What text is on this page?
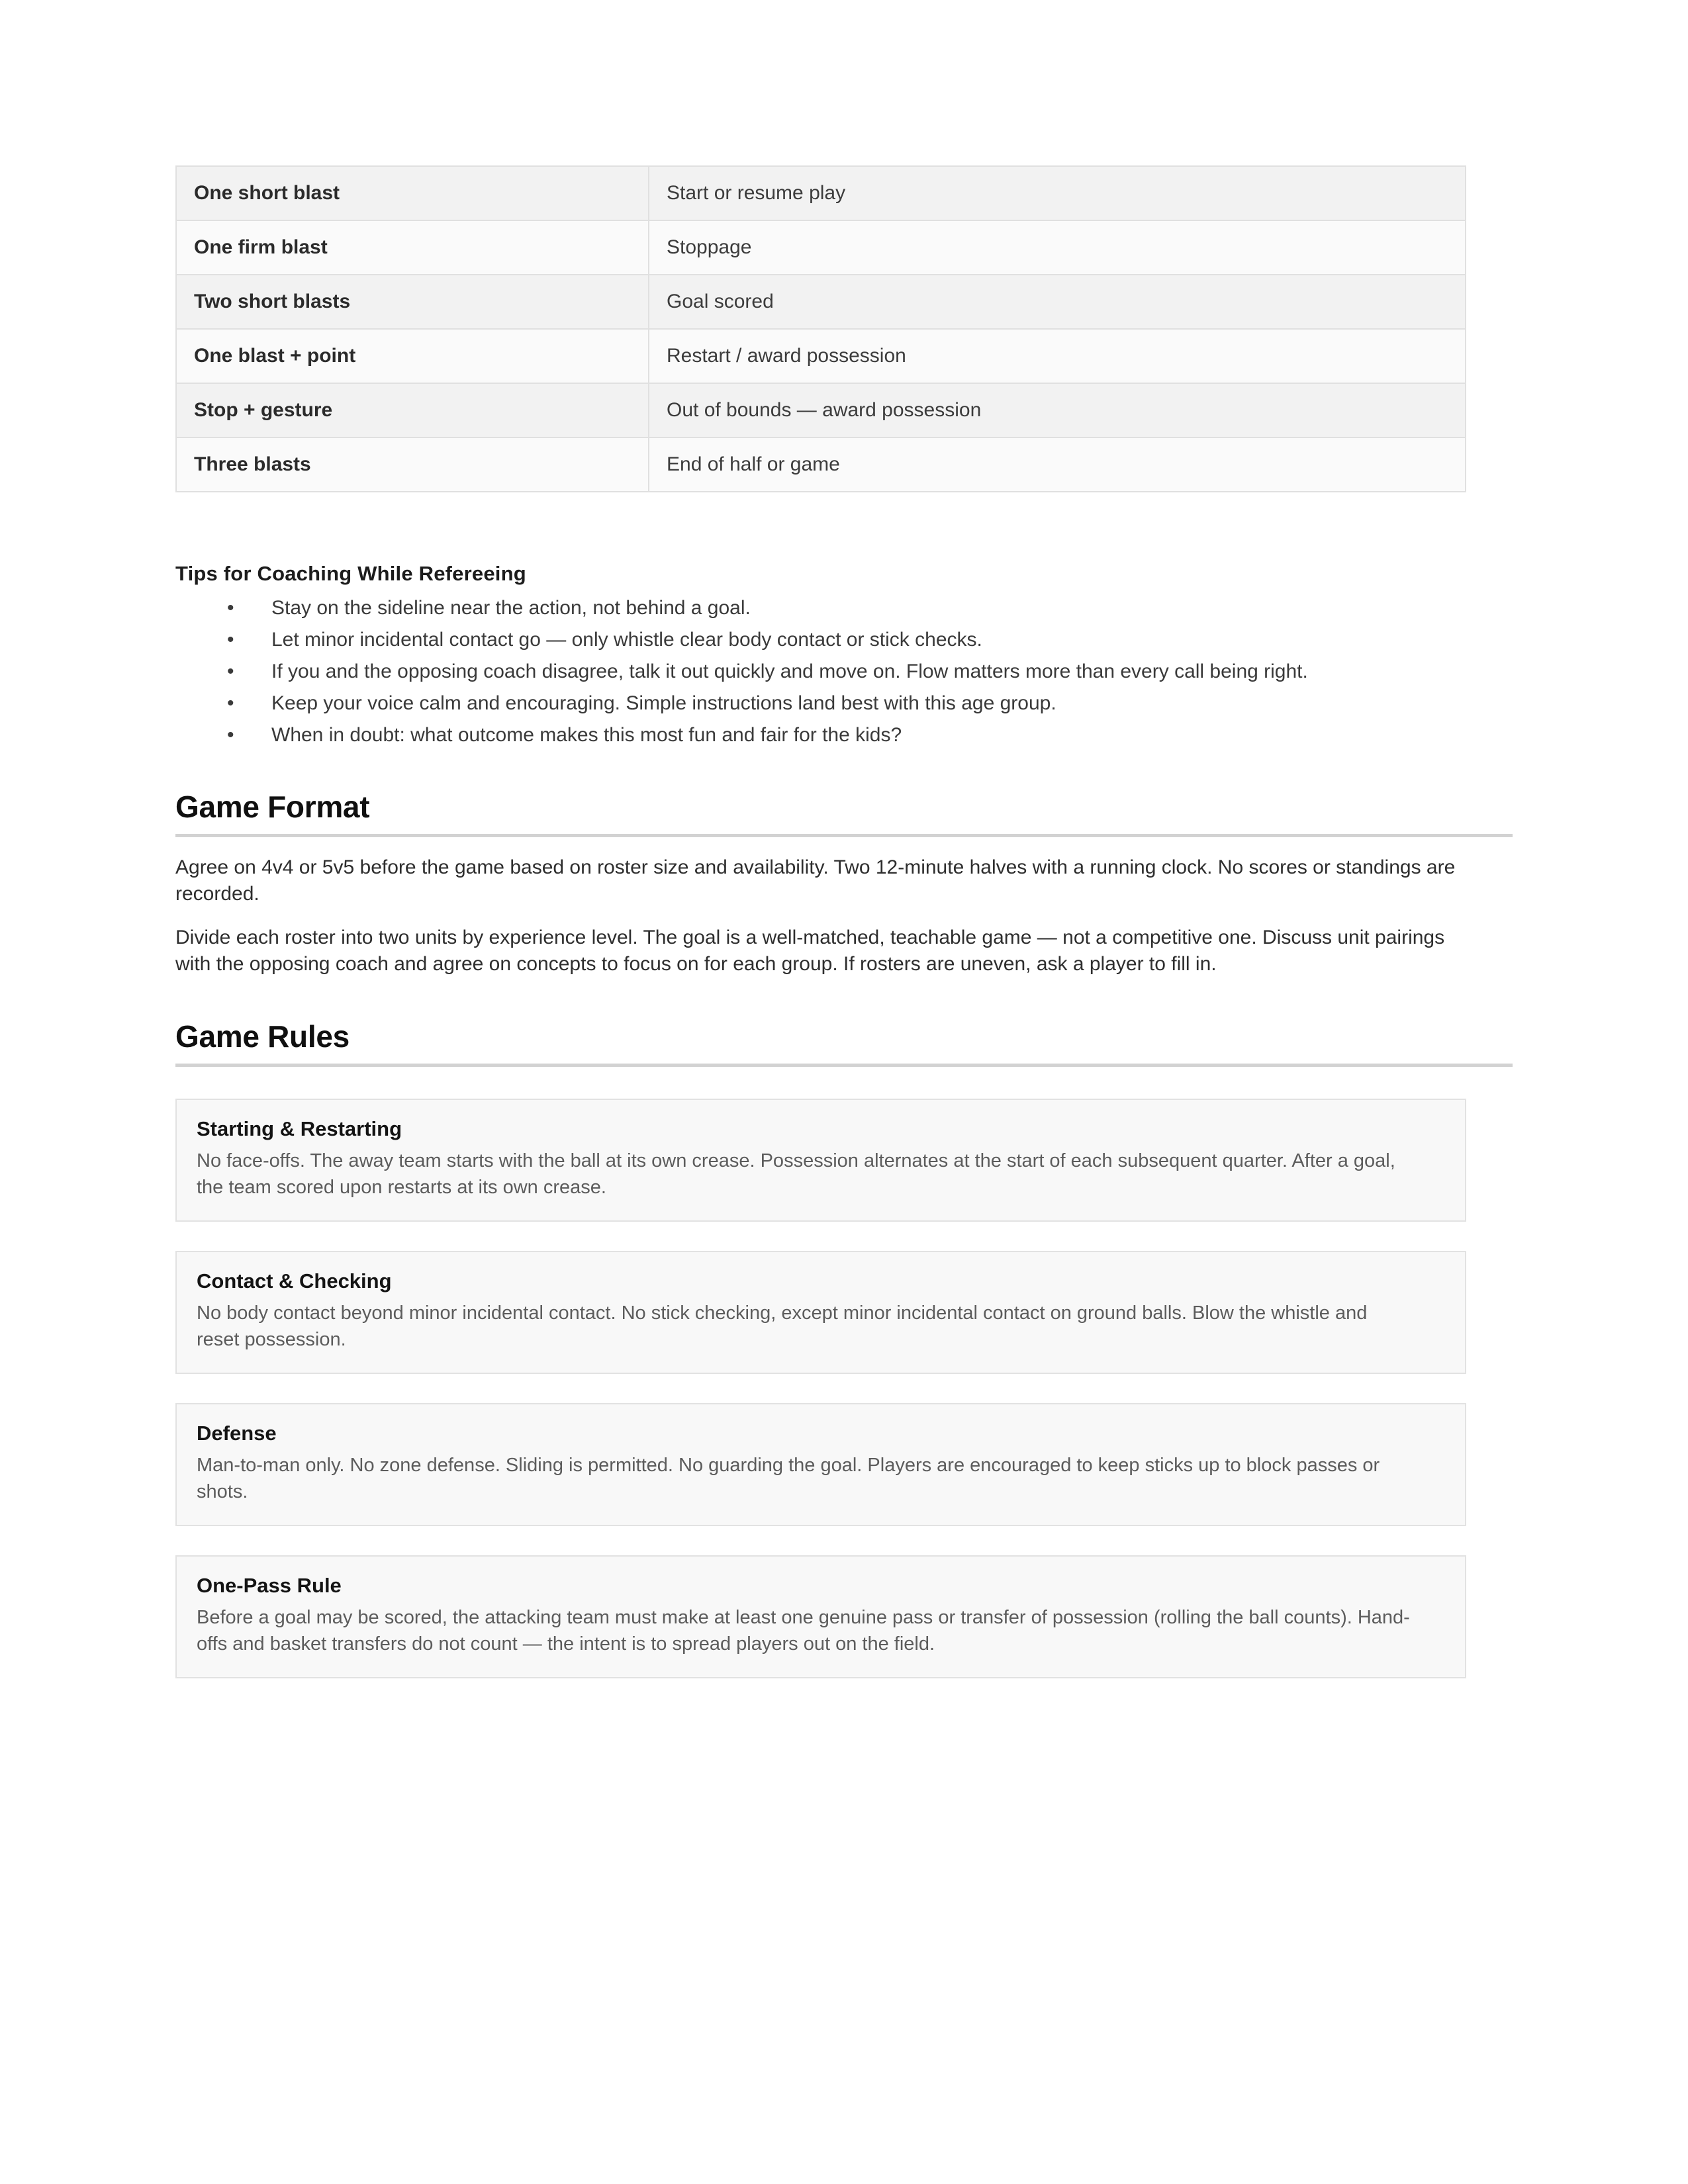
One short blast	Start or resume play
One firm blast	Stoppage
Two short blasts	Goal scored
One blast + point	Restart / award possession
Stop + gesture	Out of bounds — award possession
Three blasts	End of half or game
Tips for Coaching While Refereeing
• Stay on the sideline near the action, not behind a goal.
• Let minor incidental contact go — only whistle clear body contact or stick checks.
• If you and the opposing coach disagree, talk it out quickly and move on. Flow matters more than every call being right.
• Keep your voice calm and encouraging. Simple instructions land best with this age group.
• When in doubt: what outcome makes this most fun and fair for the kids?
Game Format

Agree on 4v4 or 5v5 before the game based on roster size and availability. Two 12-minute halves with a running clock. No scores or standings are recorded.

Divide each roster into two units by experience level. The goal is a well-matched, teachable game — not a competitive one. Discuss unit pairings with the opposing coach and agree on concepts to focus on for each group. If rosters are uneven, ask a player to fill in.

Game Rules
Starting & Restarting
No face-offs. The away team starts with the ball at its own crease. Possession alternates at the start of each subsequent quarter. After a goal, the team scored upon restarts at its own crease.
Contact & Checking
No body contact beyond minor incidental contact. No stick checking, except minor incidental contact on ground balls. Blow the whistle and reset possession.
Defense
Man-to-man only. No zone defense. Sliding is permitted. No guarding the goal. Players are encouraged to keep sticks up to block passes or shots.
One-Pass Rule
Before a goal may be scored, the attacking team must make at least one genuine pass or transfer of possession (rolling the ball counts). Hand-offs and basket transfers do not count — the intent is to spread players out on the field.
